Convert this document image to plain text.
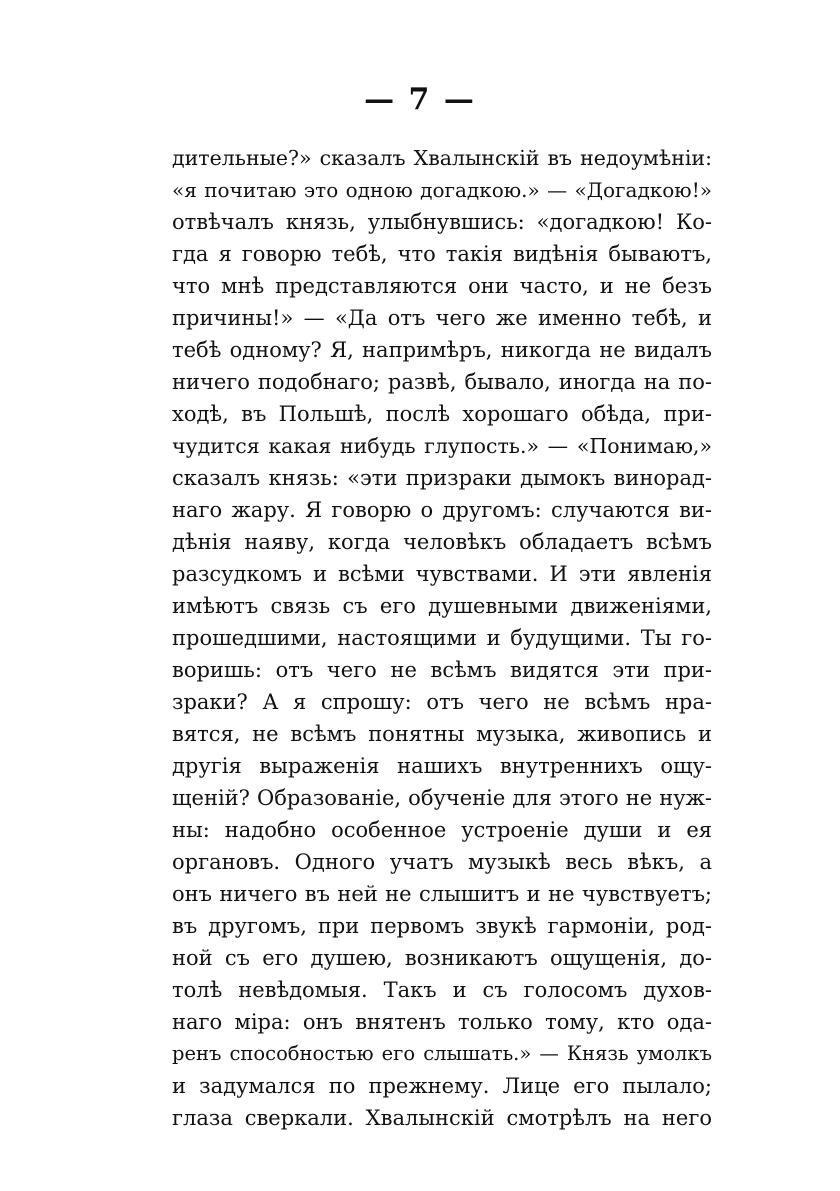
— 7 —
дительные?» сказалъ Хвалынскій въ недоумѣніи:
«я почитаю это одною догадкою.» — «Догадкою!»
отвѣчалъ князь, улыбнувшись: «догадкою! Ко-
гда я говорю тебѣ, что такія видѣнія бываютъ,
что мнѣ представляются они часто, и не безъ
причины!» — «Да отъ чего же именно тебѣ, и
тебѣ одному? Я, напримѣръ, никогда не видалъ
ничего подобнаго; развѣ, бывало, иногда на по-
ходѣ, въ Польшѣ, послѣ хорошаго обѣда, при-
чудится какая нибудь глупость.» — «Понимаю,»
сказалъ князь: «эти призраки дымокъ винорад-
наго жару. Я говорю о другомъ: случаются ви-
дѣнія наяву, когда человѣкъ обладаетъ всѣмъ
разсудкомъ и всѣми чувствами. И эти явленія
имѣютъ связь съ его душевными движеніями,
прошедшими, настоящими и будущими. Ты го-
воришь: отъ чего не всѣмъ видятся эти при-
зраки? А я спрошу: отъ чего не всѣмъ нра-
вятся, не всѣмъ понятны музыка, живопись и
другія выраженія нашихъ внутреннихъ ощу-
щеній? Образованіе, обученіе для этого не нуж-
ны: надобно особенное устроеніе души и ея
органовъ. Одного учатъ музыкѣ весь вѣкъ, а
онъ ничего въ ней не слышитъ и не чувствуетъ;
въ другомъ, при первомъ звукѣ гармоніи, род-
ной съ его душею, возникаютъ ощущенія, до-
толѣ невѣдомыя. Такъ и съ голосомъ духов-
наго міра: онъ внятенъ только тому, кто ода-
ренъ способностью его слышать.» — Князь умолкъ
и задумался по прежнему. Лице его пылало;
глаза сверкали. Хвалынскій смотрѣлъ на него
